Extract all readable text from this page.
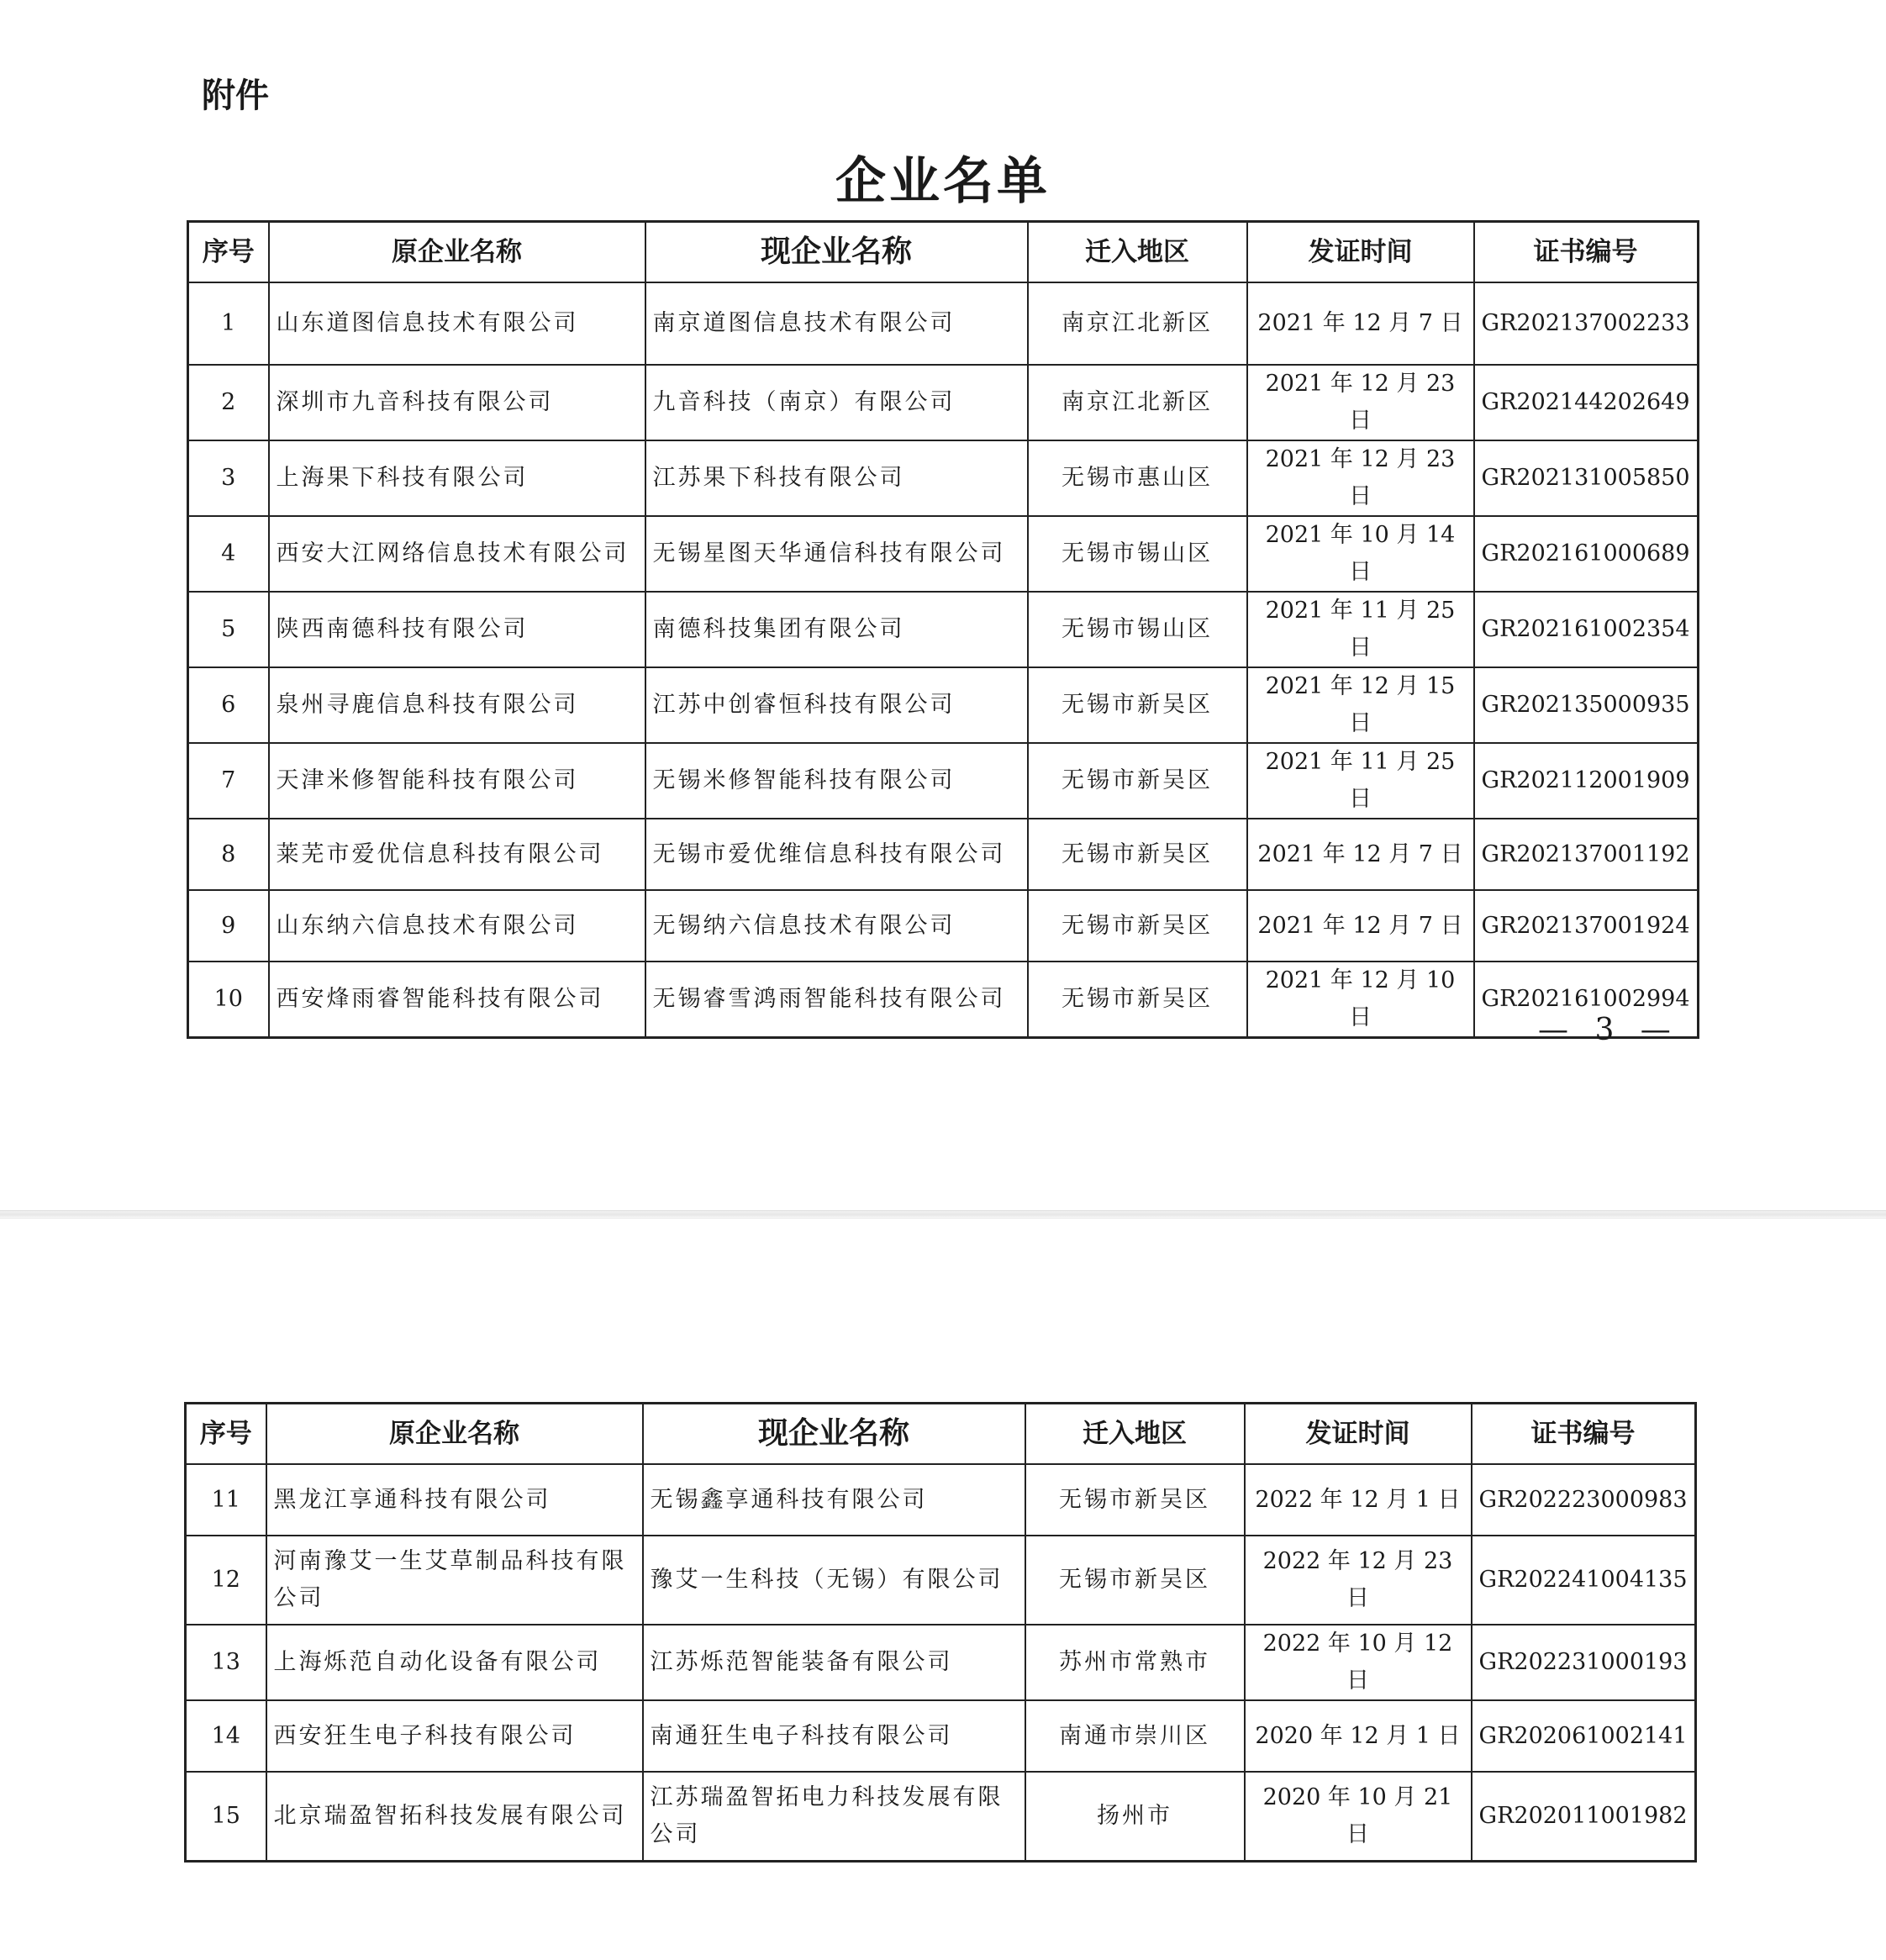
附件
企业名单
序号	原企业名称	现企业名称	迁入地区	发证时间	证书编号
1	山东道图信息技术有限公司	南京道图信息技术有限公司	南京江北新区	2021 年 12 月 7 日	GR202137002233
2	深圳市九音科技有限公司	九音科技（南京）有限公司	南京江北新区	2021 年 12 月 23 日	GR202144202649
3	上海果下科技有限公司	江苏果下科技有限公司	无锡市惠山区	2021 年 12 月 23 日	GR202131005850
4	西安大江网络信息技术有限公司	无锡星图天华通信科技有限公司	无锡市锡山区	2021 年 10 月 14 日	GR202161000689
5	陕西南德科技有限公司	南德科技集团有限公司	无锡市锡山区	2021 年 11 月 25 日	GR202161002354
6	泉州寻鹿信息科技有限公司	江苏中创睿恒科技有限公司	无锡市新吴区	2021 年 12 月 15 日	GR202135000935
7	天津米修智能科技有限公司	无锡米修智能科技有限公司	无锡市新吴区	2021 年 11 月 25 日	GR202112001909
8	莱芜市爱优信息科技有限公司	无锡市爱优维信息科技有限公司	无锡市新吴区	2021 年 12 月 7 日	GR202137001192
9	山东纳六信息技术有限公司	无锡纳六信息技术有限公司	无锡市新吴区	2021 年 12 月 7 日	GR202137001924
10	西安烽雨睿智能科技有限公司	无锡睿雪鸿雨智能科技有限公司	无锡市新吴区	2021 年 12 月 10 日	GR202161002994
— 3 —
序号	原企业名称	现企业名称	迁入地区	发证时间	证书编号
11	黑龙江享通科技有限公司	无锡鑫享通科技有限公司	无锡市新吴区	2022 年 12 月 1 日	GR202223000983
12	河南豫艾一生艾草制品科技有限公司	豫艾一生科技（无锡）有限公司	无锡市新吴区	2022 年 12 月 23 日	GR202241004135
13	上海烁范自动化设备有限公司	江苏烁范智能装备有限公司	苏州市常熟市	2022 年 10 月 12 日	GR202231000193
14	西安狂生电子科技有限公司	南通狂生电子科技有限公司	南通市崇川区	2020 年 12 月 1 日	GR202061002141
15	北京瑞盈智拓科技发展有限公司	江苏瑞盈智拓电力科技发展有限公司	扬州市	2020 年 10 月 21 日	GR202011001982
